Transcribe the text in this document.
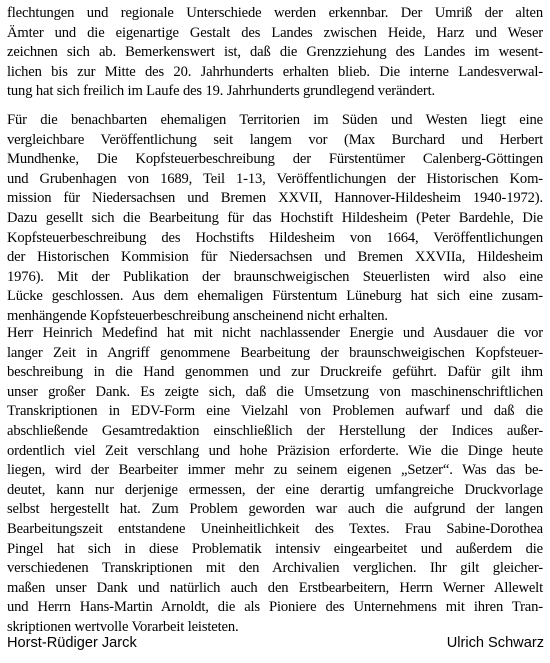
flechtungen und regionale Unterschiede werden erkennbar. Der Umriß der alten
Ämter und die eigenartige Gestalt des Landes zwischen Heide, Harz und Weser
zeichnen sich ab. Bemerkenswert ist, daß die Grenzziehung des Landes im wesent-
lichen bis zur Mitte des 20. Jahrhunderts erhalten blieb. Die interne Landesverwal-
tung hat sich freilich im Laufe des 19. Jahrhunderts grundlegend verändert.
Für die benachbarten ehemaligen Territorien im Süden und Westen liegt eine
vergleichbare Veröffentlichung seit langem vor (Max Burchard und Herbert
Mundhenke, Die Kopfsteuerbeschreibung der Fürstentümer Calenberg-Göttingen
und Grubenhagen von 1689, Teil 1-13, Veröffentlichungen der Historischen Kom-
mission für Niedersachsen und Bremen XXVII, Hannover-Hildesheim 1940-1972).
Dazu gesellt sich die Bearbeitung für das Hochstift Hildesheim (Peter Bardehle, Die
Kopfsteuerbeschreibung des Hochstifts Hildesheim von 1664, Veröffentlichungen
der Historischen Kommision für Niedersachsen und Bremen XXVIIa, Hildesheim
1976). Mit der Publikation der braunschweigischen Steuerlisten wird also eine
Lücke geschlossen. Aus dem ehemaligen Fürstentum Lüneburg hat sich eine zusam-
menhängende Kopfsteuerbeschreibung anscheinend nicht erhalten.
Herr Heinrich Medefind hat mit nicht nachlassender Energie und Ausdauer die vor
langer Zeit in Angriff genommene Bearbeitung der braunschweigischen Kopfsteuer-
beschreibung in die Hand genommen und zur Druckreife geführt. Dafür gilt ihm
unser großer Dank. Es zeigte sich, daß die Umsetzung von maschinenschriftlichen
Transkriptionen in EDV-Form eine Vielzahl von Problemen aufwarf und daß die
abschließende Gesamtredaktion einschließlich der Herstellung der Indices außer-
ordentlich viel Zeit verschlang und hohe Präzision erforderte. Wie die Dinge heute
liegen, wird der Bearbeiter immer mehr zu seinem eigenen „Setzer“. Was das be-
deutet, kann nur derjenige ermessen, der eine derartig umfangreiche Druckvorlage
selbst hergestellt hat. Zum Problem geworden war auch die aufgrund der langen
Bearbeitungszeit entstandene Uneinheitlichkeit des Textes. Frau Sabine-Dorothea
Pingel hat sich in diese Problematik intensiv eingearbeitet und außerdem die
verschiedenen Transkriptionen mit den Archivalien verglichen. Ihr gilt gleicher-
maßen unser Dank und natürlich auch den Erstbearbeitern, Herrn Werner Allewelt
und Herrn Hans-Martin Arnoldt, die als Pioniere des Unternehmens mit ihren Tran-
skriptionen wertvolle Vorarbeit leisteten.
Horst-Rüdiger Jarck	Ulrich Schwarz
